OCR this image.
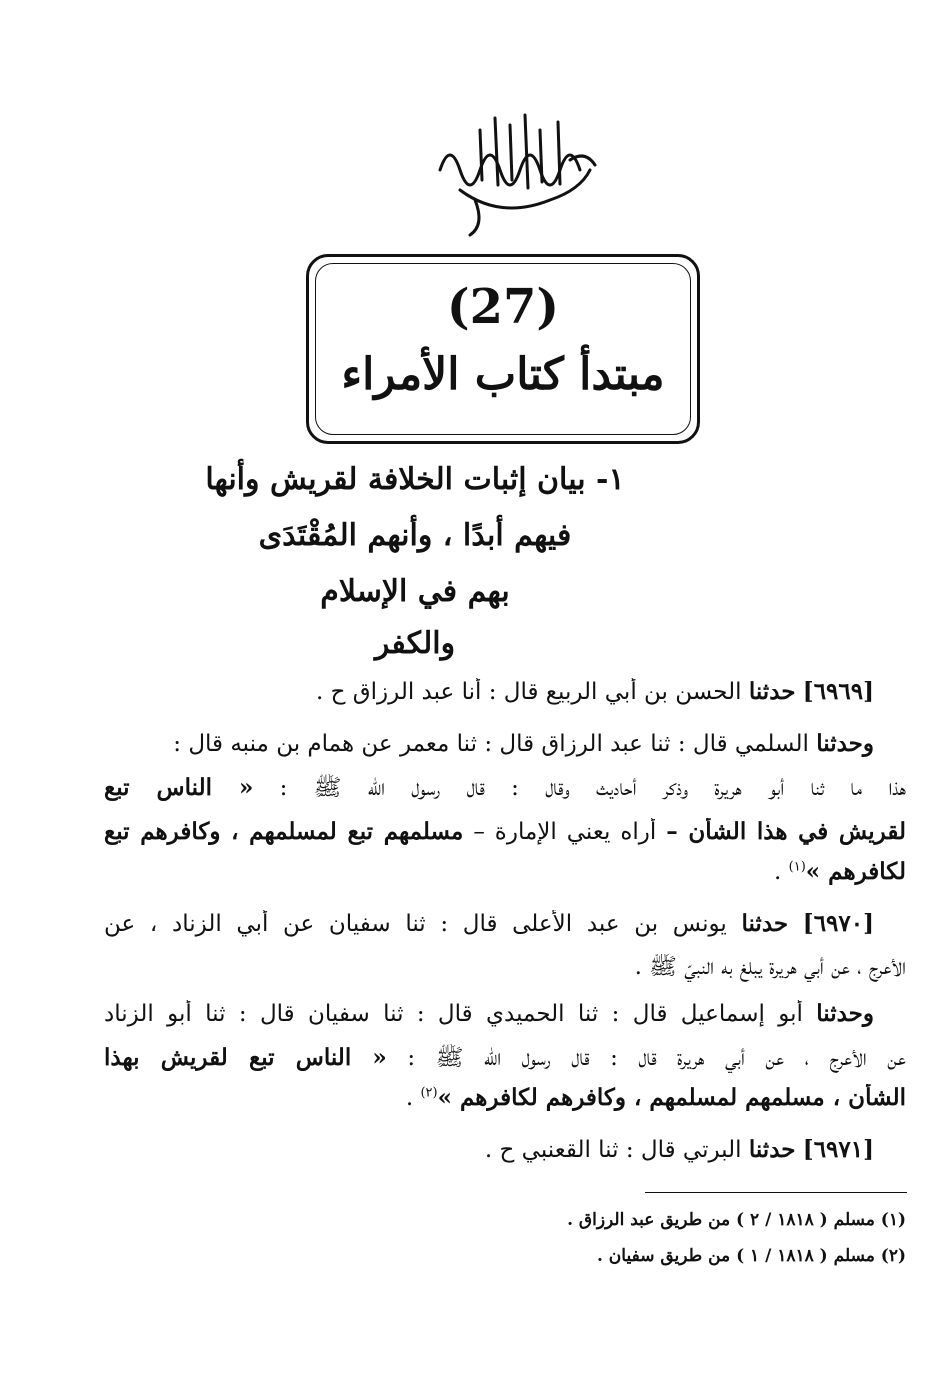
(27)
مبتدأ كتاب الأمراء
١- بيان إثبات الخلافة لقريش وأنها
فيهم أبدًا ، وأنهم المُقْتَدَى
بهم في الإسلام
والكفر
[٦٩٦٩] حدثنا الحسن بن أبي الربيع قال : أنا عبد الرزاق ح .
وحدثنا السلمي قال : ثنا عبد الرزاق قال : ثنا معمر عن همام بن منبه قال :
هذا ما ثنا أبو هريرة وذكر أحاديث وقال : قال رسول الله ﷺ : « الناس تبع
لقريش في هذا الشأن – أراه يعني الإمارة – مسلمهم تبع لمسلمهم ، وكافرهم تبع
لكافرهم »$^{(١)}$ .
[٦٩٧٠] حدثنا يونس بن عبد الأعلى قال : ثنا سفيان عن أبي الزناد ، عن
الأعرج ، عن أبي هريرة يبلغ به النبيّ ﷺ .
وحدثنا أبو إسماعيل قال : ثنا الحميدي قال : ثنا سفيان قال : ثنا أبو الزناد
عن الأعرج ، عن أبي هريرة قال : قال رسول الله ﷺ : « الناس تبع لقريش بهذا
الشأن ، مسلمهم لمسلمهم ، وكافرهم لكافرهم »$^{(٢)}$ .
[٦٩٧١] حدثنا البرتي قال : ثنا القعنبي ح .
(١) مسلم ( ١٨١٨ / ٢ ) من طريق عبد الرزاق .
(٢) مسلم ( ١٨١٨ / ١ ) من طريق سفيان .
